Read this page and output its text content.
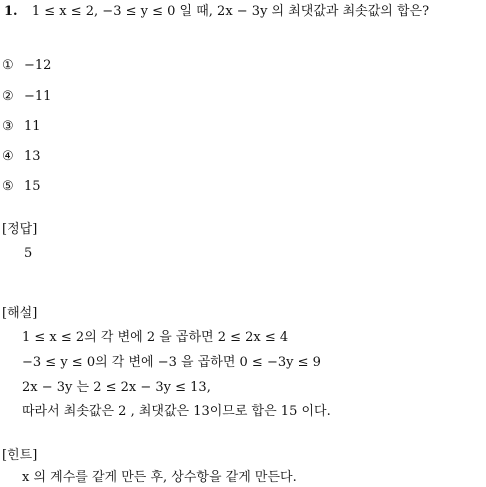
1. 1 ≤ x ≤ 2, −3 ≤ y ≤ 0 일 때, 2x − 3y 의 최댓값과 최솟값의 합은?
① −12
② −11
③ 11
④ 13
⑤ 15
[정답]
5
[해설]
1 ≤ x ≤ 2의 각 변에 2 을 곱하면 2 ≤ 2x ≤ 4
−3 ≤ y ≤ 0의 각 변에 −3 을 곱하면 0 ≤ −3y ≤ 9
2x − 3y 는 2 ≤ 2x − 3y ≤ 13,
따라서 최솟값은 2 , 최댓값은 13이므로 합은 15 이다.
[힌트]
x 의 계수를 같게 만든 후, 상수항을 같게 만든다.
